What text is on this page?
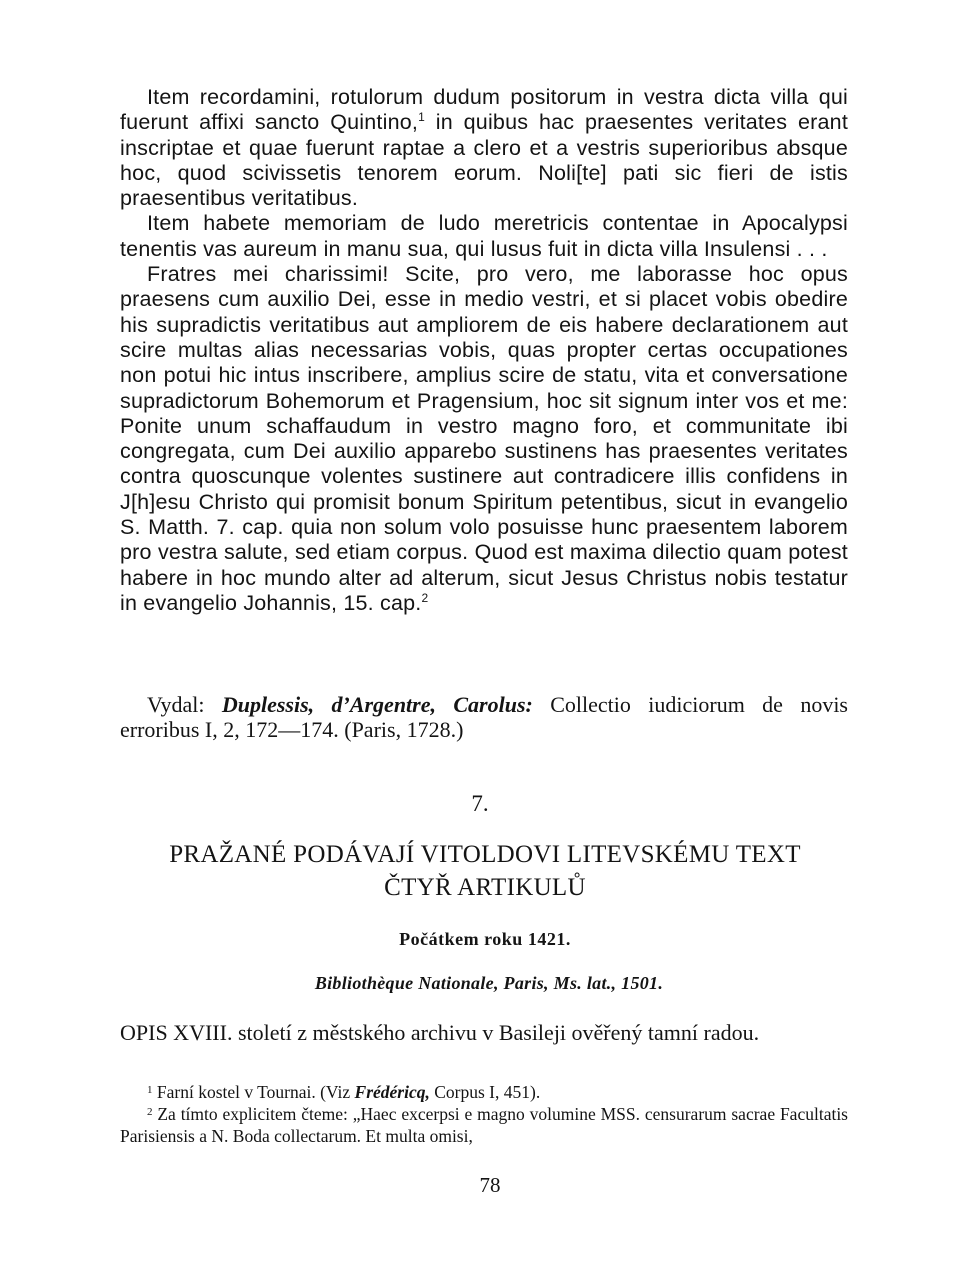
Item recordamini, rotulorum dudum positorum in vestra dicta villa qui fuerunt affixi sancto Quintino,$^1$ in quibus hac praesentes veritates erant inscriptae et quae fuerunt raptae a clero et a vestris superioribus absque hoc, quod scivissetis tenorem eorum. Noli[te] pati sic fieri de istis praesentibus veritatibus.

Item habete memoriam de ludo meretricis contentae in Apocalypsi tenentis vas aureum in manu sua, qui lusus fuit in dicta villa Insulensi . . .

Fratres mei charissimi! Scite, pro vero, me laborasse hoc opus praesens cum auxilio Dei, esse in medio vestri, et si placet vobis obedire his supradictis veritatibus aut ampliorem de eis habere declarationem aut scire multas alias necessarias vobis, quas propter certas occupationes non potui hic intus inscribere, amplius scire de statu, vita et conversatione supradictorum Bohemorum et Pragensium, hoc sit signum inter vos et me: Ponite unum schaffaudum in vestro magno foro, et communitate ibi congregata, cum Dei auxilio apparebo sustinens has praesentes veritates contra quoscunque volentes sustinere aut contradicere illis confidens in J[h]esu Christo qui promisit bonum Spiritum petentibus, sicut in evangelio S. Matth. 7. cap. quia non solum volo posuisse hunc praesentem laborem pro vestra salute, sed etiam corpus. Quod est maxima dilectio quam potest habere in hoc mundo alter ad alterum, sicut Jesus Christus nobis testatur in evangelio Johannis, 15. cap.$^2$

Vydal: Duplessis, d’Argentre, Carolus: Collectio iudiciorum de novis erroribus I, 2, 172—174. (Paris, 1728.)

7.
PRAŽANÉ PODÁVAJÍ VITOLDOVI LITEVSKÉMU TEXT
ČTYŘ ARTIKULŮ
Počátkem roku 1421.
Bibliothèque Nationale, Paris, Ms. lat., 1501.

OPIS XVIII. století z městského archivu v Basileji ověřený tamní radou.

$^1$ Farní kostel v Tournai. (Viz Frédéricq, Corpus I, 451).

$^2$ Za tímto explicitem čteme: „Haec excerpsi e magno volumine MSS. censurarum sacrae Facultatis Parisiensis a N. Boda collectarum. Et multa omisi,

78
